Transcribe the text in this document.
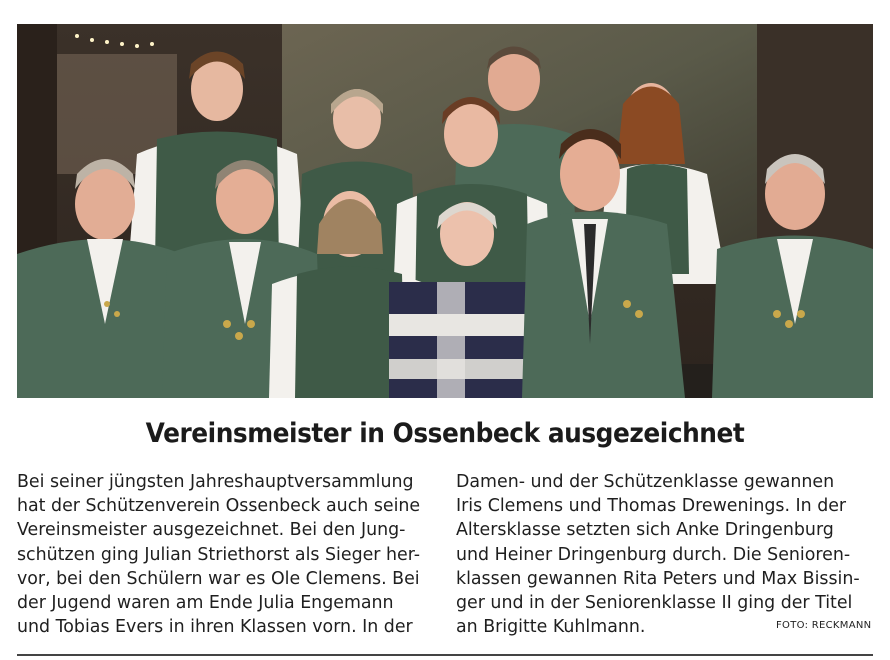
Vereinsmeister in Ossenbeck ausgezeichnet
Bei seiner jüngsten Jahreshauptversammlung
hat der Schützenverein Ossenbeck auch seine
Vereinsmeister ausgezeichnet. Bei den Jung-
schützen ging Julian Striethorst als Sieger her-
vor, bei den Schülern war es Ole Clemens. Bei
der Jugend waren am Ende Julia Engemann
und Tobias Evers in ihren Klassen vorn. In der
Damen- und der Schützenklasse gewannen
Iris Clemens und Thomas Drewenings. In der
Altersklasse setzten sich Anke Dringenburg
und Heiner Dringenburg durch. Die Senioren-
klassen gewannen Rita Peters und Max Bissin-
ger und in der Seniorenklasse II ging der Titel
an Brigitte Kuhlmann.	FOTO: RECKMANN
